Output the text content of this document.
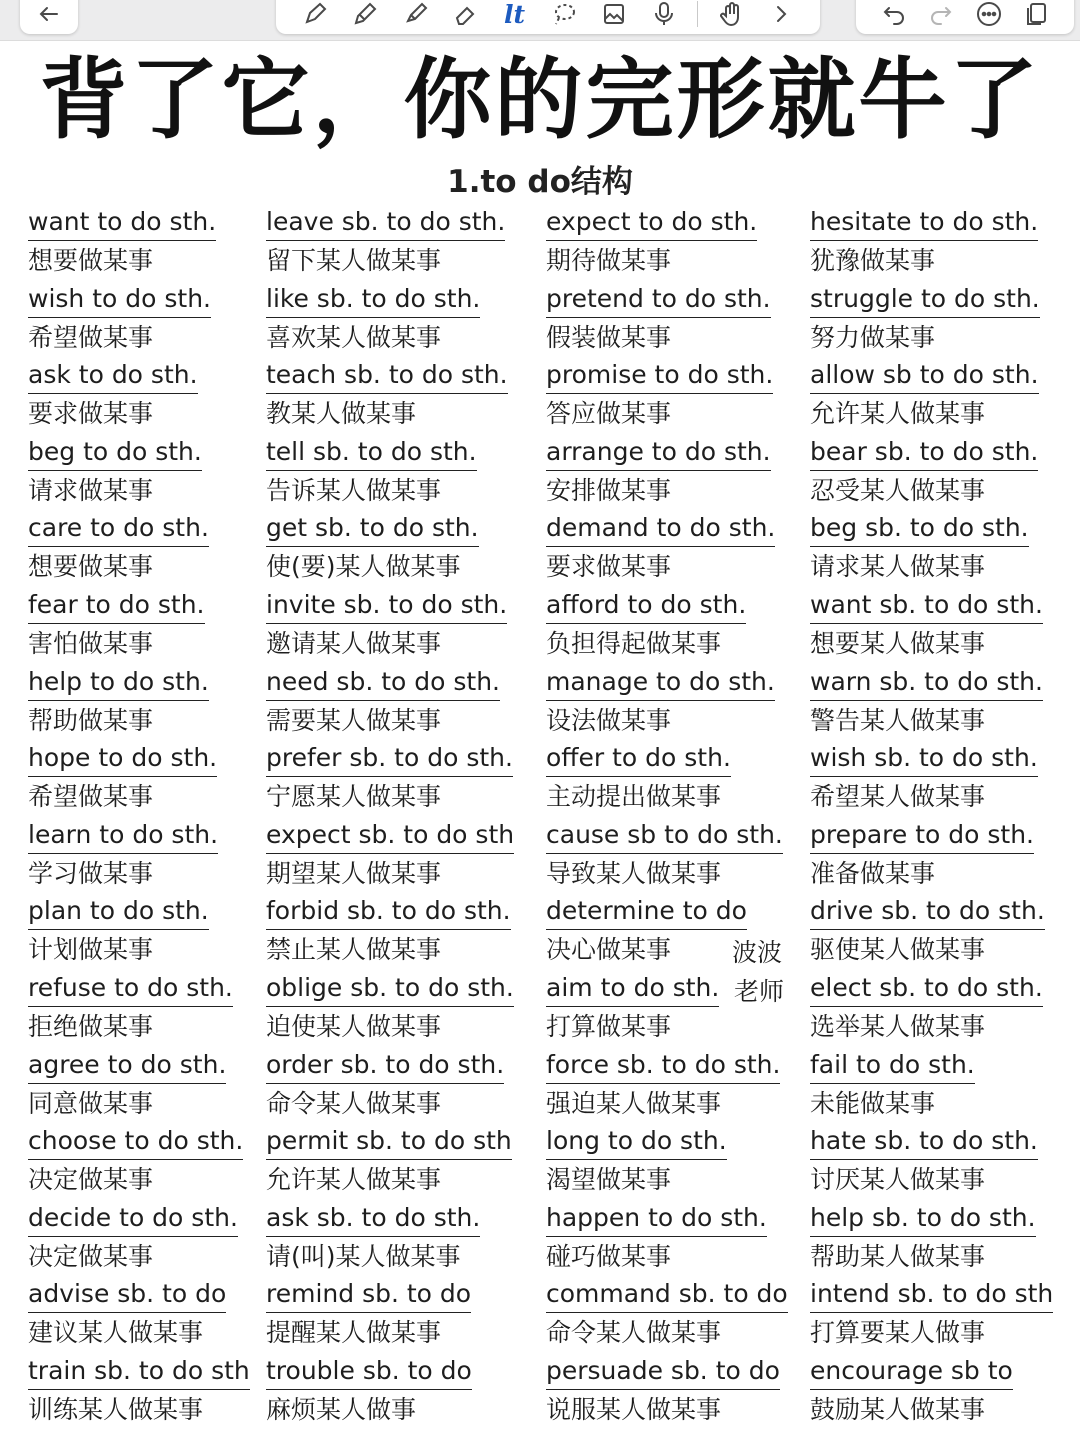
lt
背了它，你的完形就牛了
1.to do结构
want to do sth.
想要做某事
wish to do sth.
希望做某事
ask to do sth.
要求做某事
beg to do sth.
请求做某事
care to do sth.
想要做某事
fear to do sth.
害怕做某事
help to do sth.
帮助做某事
hope to do sth.
希望做某事
learn to do sth.
学习做某事
plan to do sth.
计划做某事
refuse to do sth.
拒绝做某事
agree to do sth.
同意做某事
choose to do sth.
决定做某事
decide to do sth.
决定做某事
advise sb. to do
建议某人做某事
train sb. to do sth
训练某人做某事
leave sb. to do sth.
留下某人做某事
like sb. to do sth.
喜欢某人做某事
teach sb. to do sth.
教某人做某事
tell sb. to do sth.
告诉某人做某事
get sb. to do sth.
使(要)某人做某事
invite sb. to do sth.
邀请某人做某事
need sb. to do sth.
需要某人做某事
prefer sb. to do sth.
宁愿某人做某事
expect sb. to do sth
期望某人做某事
forbid sb. to do sth.
禁止某人做某事
oblige sb. to do sth.
迫使某人做某事
order sb. to do sth.
命令某人做某事
permit sb. to do sth
允许某人做某事
ask sb. to do sth.
请(叫)某人做某事
remind sb. to do
提醒某人做某事
trouble sb. to do
麻烦某人做事
expect to do sth.
期待做某事
pretend to do sth.
假装做某事
promise to do sth.
答应做某事
arrange to do sth.
安排做某事
demand to do sth.
要求做某事
afford to do sth.
负担得起做某事
manage to do sth.
设法做某事
offer to do sth.
主动提出做某事
cause sb to do sth.
导致某人做某事
determine to do
决心做某事
aim to do sth.
打算做某事
force sb. to do sth.
强迫某人做某事
long to do sth.
渴望做某事
happen to do sth.
碰巧做某事
command sb. to do
命令某人做某事
persuade sb. to do
说服某人做某事
hesitate to do sth.
犹豫做某事
struggle to do sth.
努力做某事
allow sb to do sth.
允许某人做某事
bear sb. to do sth.
忍受某人做某事
beg sb. to do sth.
请求某人做某事
want sb. to do sth.
想要某人做某事
warn sb. to do sth.
警告某人做某事
wish sb. to do sth.
希望某人做某事
prepare to do sth.
准备做某事
drive sb. to do sth.
驱使某人做某事
elect sb. to do sth.
选举某人做某事
fail to do sth.
未能做某事
hate sb. to do sth.
讨厌某人做某事
help sb. to do sth.
帮助某人做某事
intend sb. to do sth
打算要某人做事
encourage sb to
鼓励某人做某事
波波
老师
